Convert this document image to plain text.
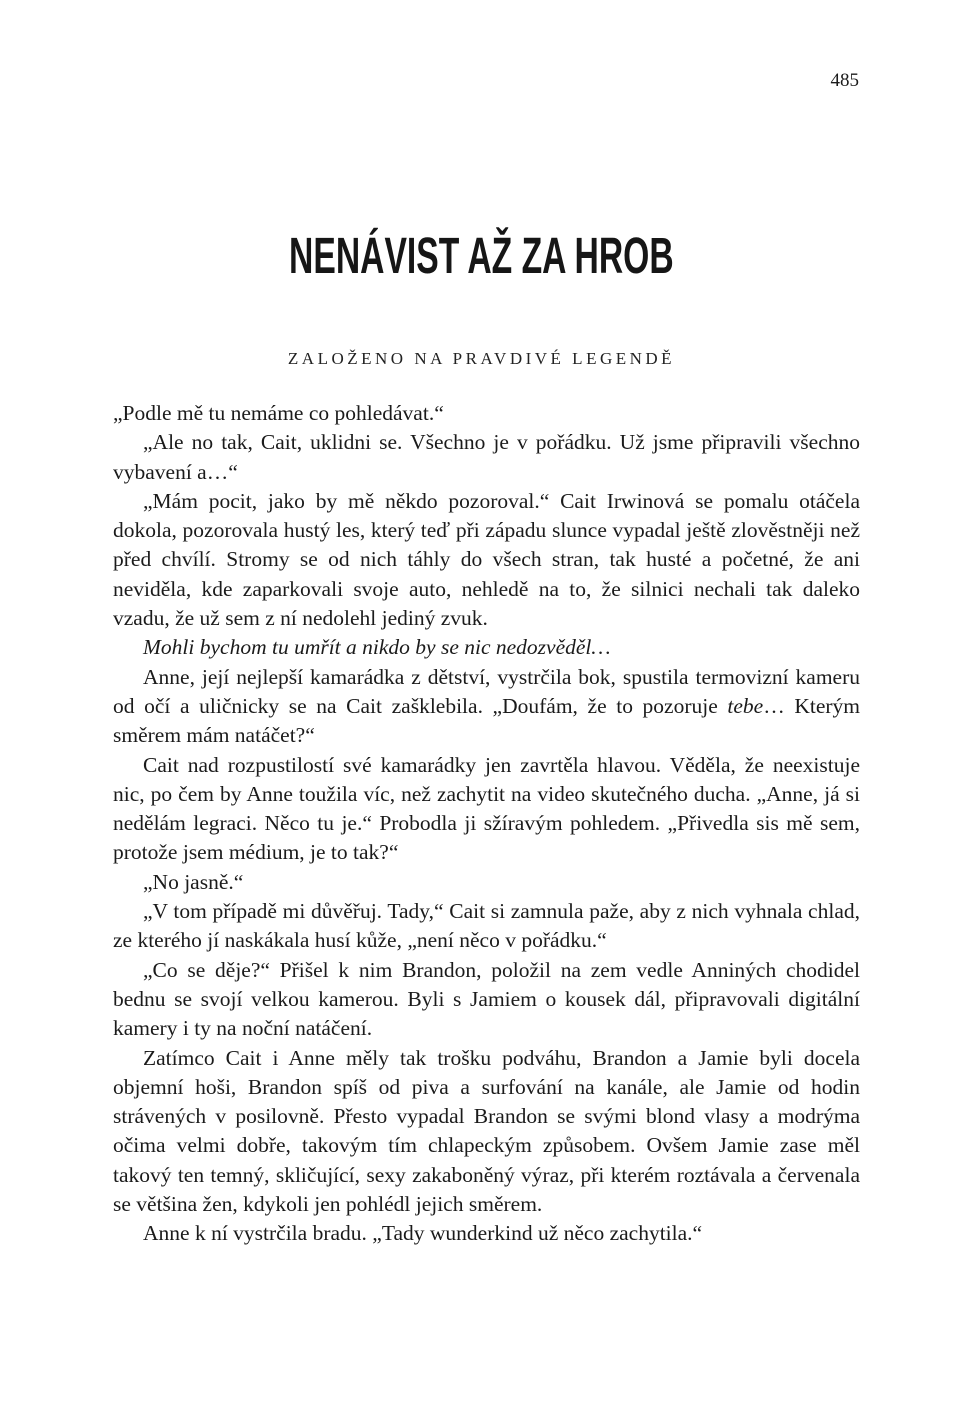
485
NENÁVIST AŽ ZA HROB
ZALOŽENO NA PRAVDIVÉ LEGENDĚ

„Podle mě tu nemáme co pohledávat.“

„Ale no tak, Cait, uklidni se. Všechno je v pořádku. Už jsme připravili všechno vybavení a…“

„Mám pocit, jako by mě někdo pozoroval.“ Cait Irwinová se pomalu otáčela dokola, pozorovala hustý les, který teď při západu slunce vypadal ještě zlověstněji než před chvílí. Stromy se od nich táhly do všech stran, tak husté a početné, že ani neviděla, kde zaparkovali svoje auto, nehledě na to, že silnici nechali tak daleko vzadu, že už sem z ní nedolehl jediný zvuk.

Mohli bychom tu umřít a nikdo by se nic nedozvěděl…

Anne, její nejlepší kamarádka z dětství, vystrčila bok, spustila termovizní kameru od očí a uličnicky se na Cait zašklebila. „Doufám, že to pozoruje tebe… Kterým směrem mám natáčet?“

Cait nad rozpustilostí své kamarádky jen zavrtěla hlavou. Věděla, že neexistuje nic, po čem by Anne toužila víc, než zachytit na video skutečného ducha. „Anne, já si nedělám legraci. Něco tu je.“ Probodla ji sžíravým pohledem. „Přivedla sis mě sem, protože jsem médium, je to tak?“

„No jasně.“

„V tom případě mi důvěřuj. Tady,“ Cait si zamnula paže, aby z nich vyhnala chlad, ze kterého jí naskákala husí kůže, „není něco v pořádku.“

„Co se děje?“ Přišel k nim Brandon, položil na zem vedle Anniných chodidel bednu se svojí velkou kamerou. Byli s Jamiem o kousek dál, připravovali digitální kamery i ty na noční natáčení.

Zatímco Cait i Anne měly tak trošku podváhu, Brandon a Jamie byli docela objemní hoši, Brandon spíš od piva a surfování na kanále, ale Jamie od hodin strávených v posilovně. Přesto vypadal Brandon se svými blond vlasy a modrýma očima velmi dobře, takovým tím chlapeckým způsobem. Ovšem Jamie zase měl takový ten temný, skličující, sexy zakaboněný výraz, při kterém roztávala a červenala se většina žen, kdykoli jen pohlédl jejich směrem.

Anne k ní vystrčila bradu. „Tady wunderkind už něco zachytila.“
